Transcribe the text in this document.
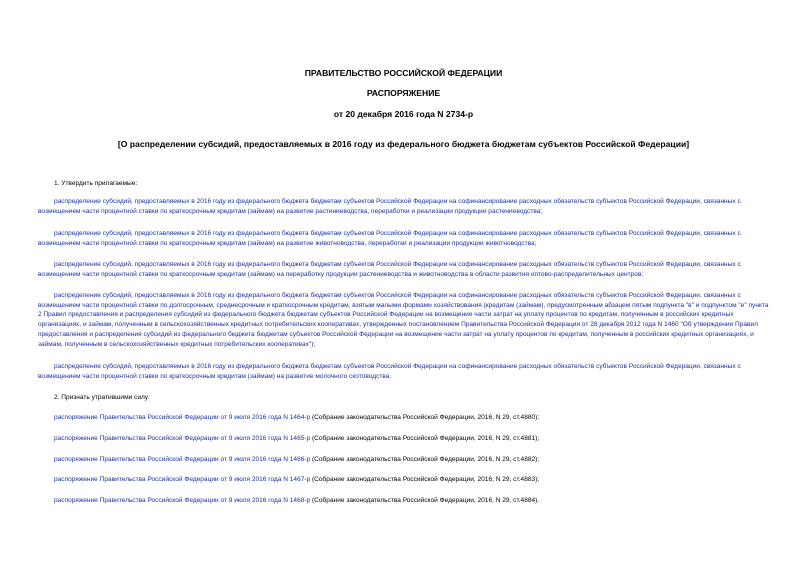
ПРАВИТЕЛЬСТВО РОССИЙСКОЙ ФЕДЕРАЦИИ
РАСПОРЯЖЕНИЕ
от 20 декабря 2016 года N 2734-р
[О распределении субсидий, предоставляемых в 2016 году из федерального бюджета бюджетам субъектов Российской Федерации]
1. Утвердить прилагаемые:
распределение субсидий, предоставляемых в 2016 году из федерального бюджета бюджетам субъектов Российской Федерации на софинансирование расходных обязательств субъектов Российской Федерации, связанных с возмещением части процентной ставки по краткосрочным кредитам (займам) на развитие растениеводства, переработки и реализации продукции растениеводства;
распределение субсидий, предоставляемых в 2016 году из федерального бюджета бюджетам субъектов Российской Федерации на софинансирование расходных обязательств субъектов Российской Федерации, связанных с возмещением части процентной ставки по краткосрочным кредитам (займам) на развитие животноводства, переработки и реализации продукции животноводства;
распределение субсидий, предоставляемых в 2016 году из федерального бюджета бюджетам субъектов Российской Федерации на софинансирование расходных обязательств субъектов Российской Федерации, связанных с возмещением части процентной ставки по краткосрочным кредитам (займам) на переработку продукции растениеводства и животноводства в области развития оптово-распределительных центров;
распределение субсидий, предоставляемых в 2016 году из федерального бюджета бюджетам субъектов Российской Федерации на софинансирование расходных обязательств субъектов Российской Федерации, связанных с возмещением части процентной ставки по долгосрочным, среднесрочным и краткосрочным кредитам, взятым малыми формами хозяйствования (кредитам (займам), предусмотренным абзацем пятым подпункта "в" и подпунктом "е" пункта 2 Правил предоставления и распределения субсидий из федерального бюджета бюджетам субъектов Российской Федерации на возмещение части затрат на уплату процентов по кредитам, полученным в российских кредитных организациях, и займам, полученным в сельскохозяйственных кредитных потребительских кооперативах, утвержденных постановлением Правительства Российской Федерации от 28 декабря 2012 года N 1460 "Об утверждении Правил предоставления и распределения субсидий из федерального бюджета бюджетам субъектов Российской Федерации на возмещение части затрат на уплату процентов по кредитам, полученным в российских кредитных организациях, и займам, полученным в сельскохозяйственных кредитных потребительских кооперативах");
распределение субсидий, предоставляемых в 2016 году из федерального бюджета бюджетам субъектов Российской Федерации на софинансирование расходных обязательств субъектов Российской Федерации, связанных с возмещением части процентной ставки по краткосрочным кредитам (займам) на развитие молочного скотоводства.
2. Признать утратившими силу:
распоряжение Правительства Российской Федерации от 9 июля 2016 года N 1464-р (Собрание законодательства Российской Федерации, 2016, N 29, ст.4880);
распоряжение Правительства Российской Федерации от 9 июля 2016 года N 1465-р (Собрание законодательства Российской Федерации, 2016, N 29, ст.4881);
распоряжение Правительства Российской Федерации от 9 июля 2016 года N 1466-р (Собрание законодательства Российской Федерации, 2016, N 29, ст.4882);
распоряжение Правительства Российской Федерации от 9 июля 2016 года N 1467-р (Собрание законодательства Российской Федерации, 2016, N 29, ст.4883);
распоряжение Правительства Российской Федерации от 9 июля 2016 года N 1468-р (Собрание законодательства Российской Федерации, 2016, N 29, ст.4884).
